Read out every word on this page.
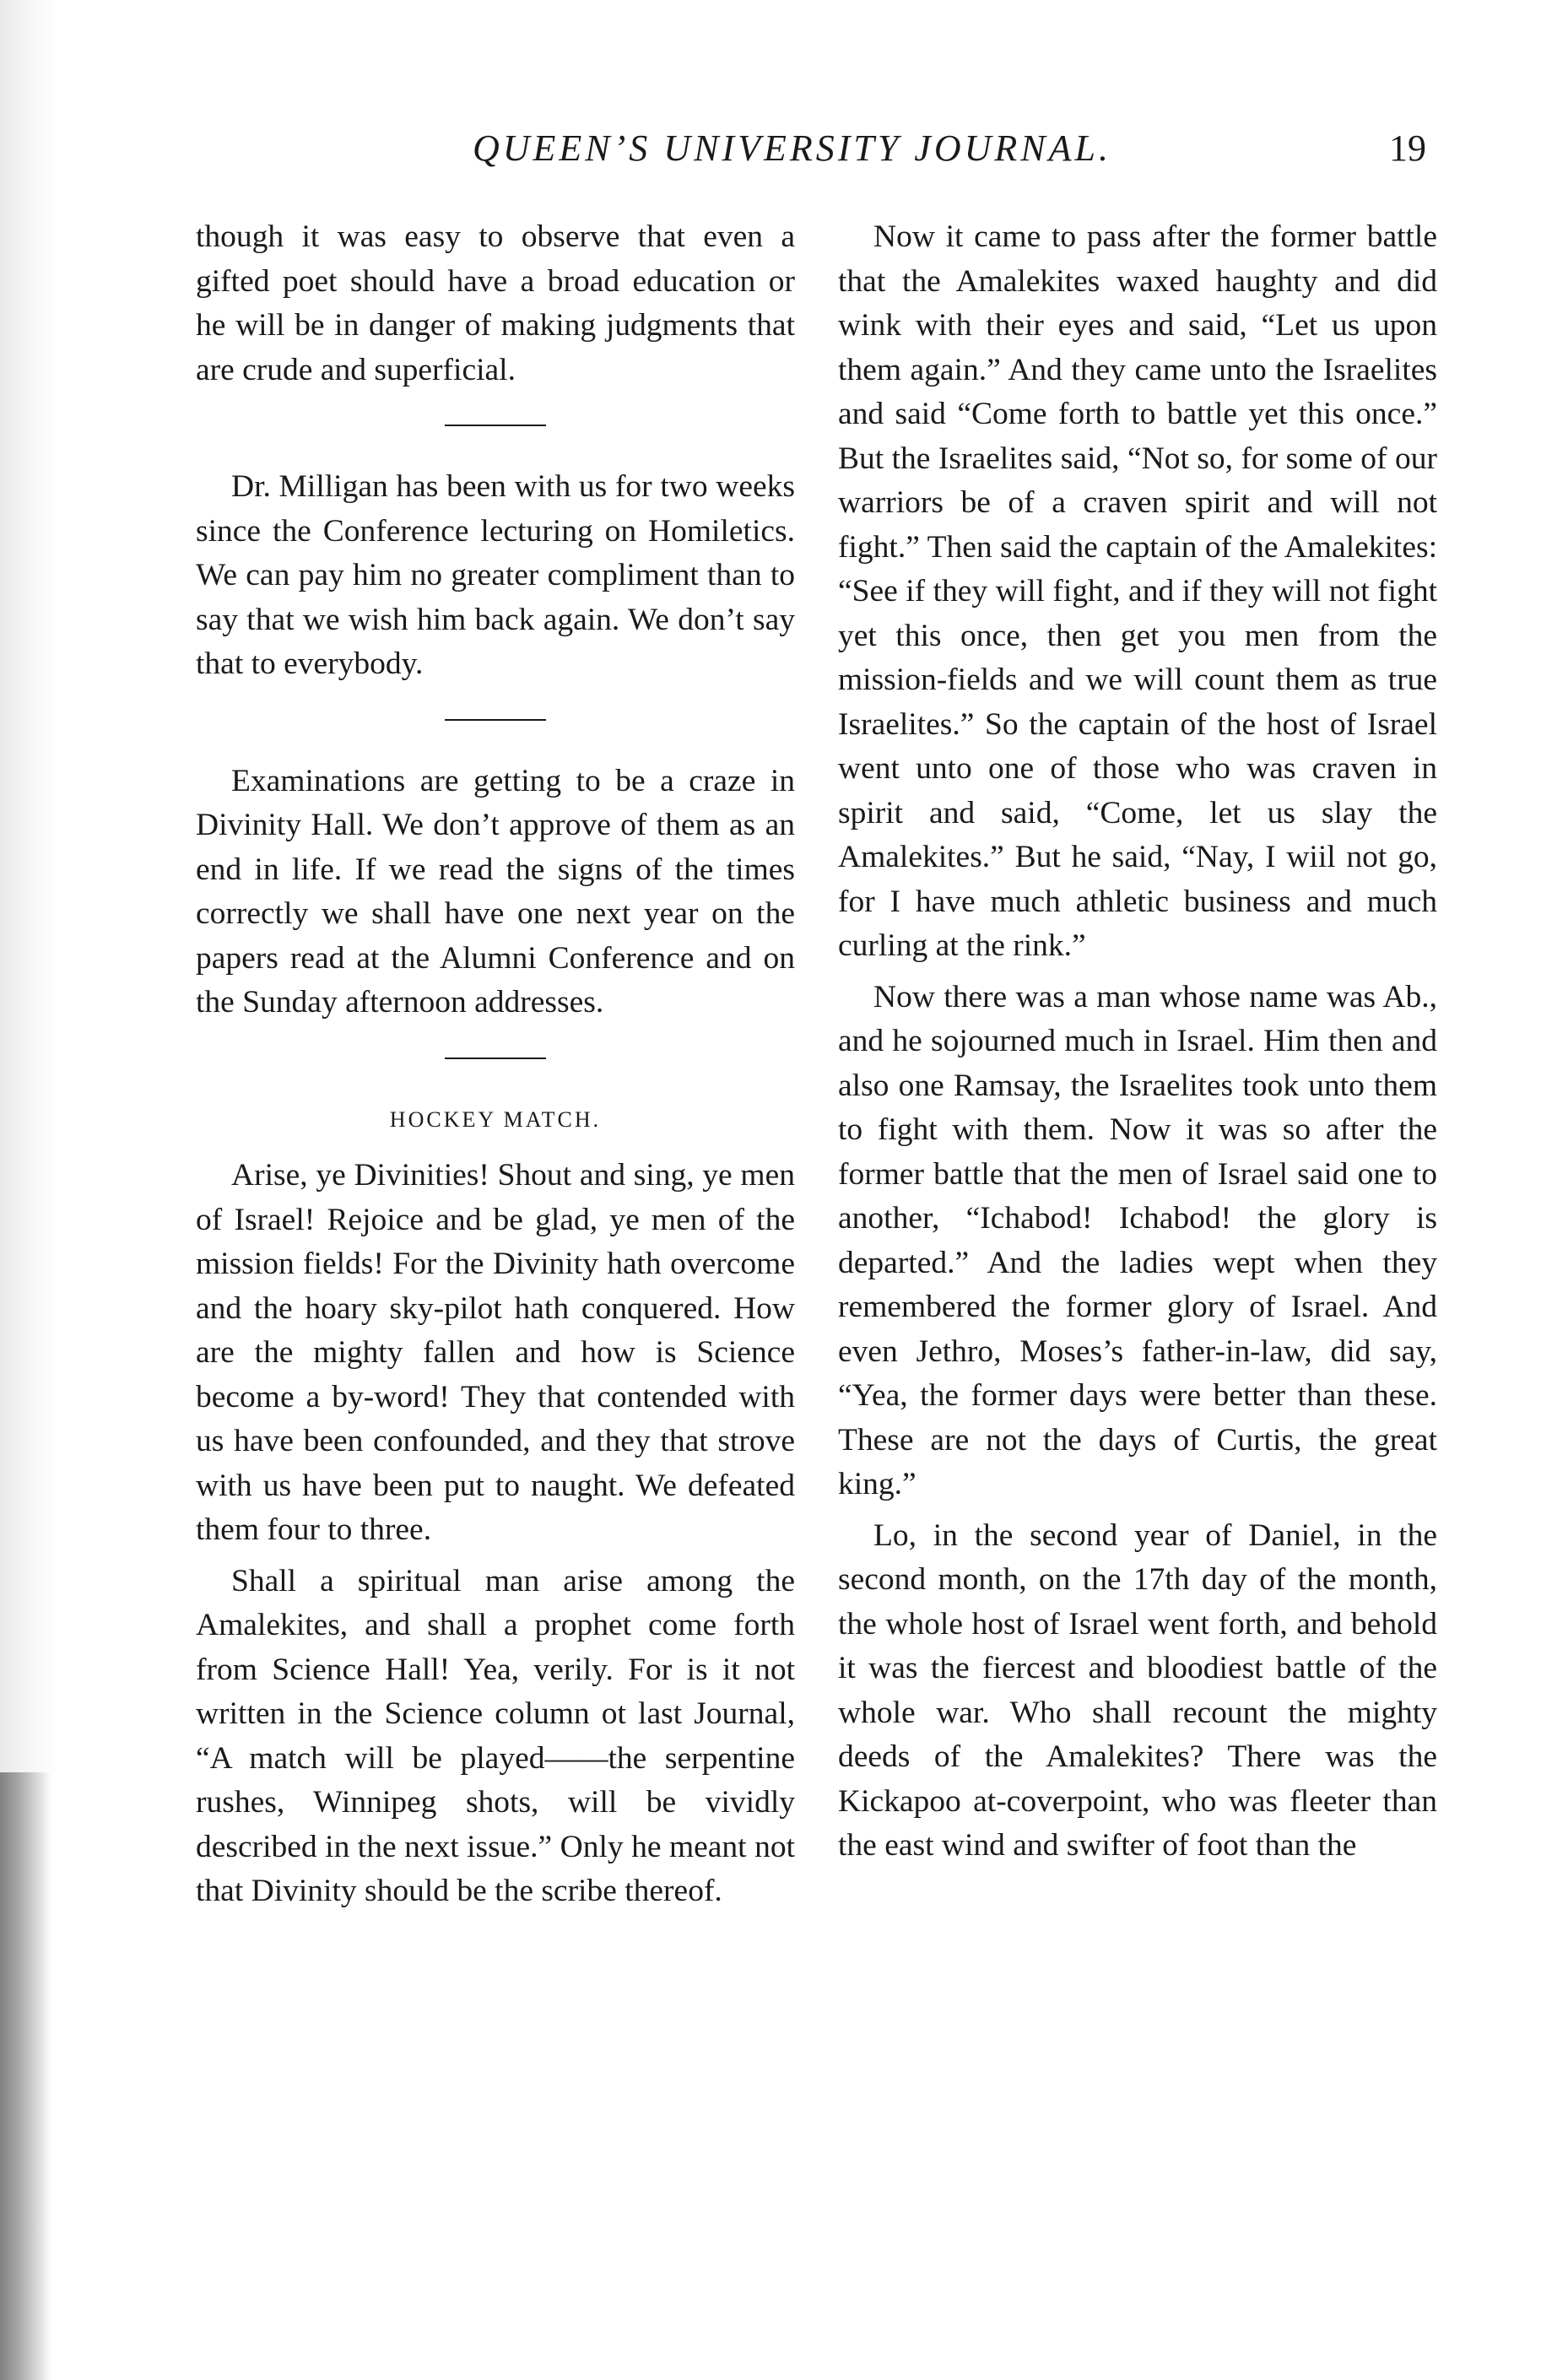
QUEEN’S UNIVERSITY JOURNAL.	19

though it was easy to observe that even a gifted poet should have a broad education or he will be in danger of making judgments that are crude and superficial.

Dr. Milligan has been with us for two weeks since the Conference lecturing on Homiletics. We can pay him no greater compliment than to say that we wish him back again. We don’t say that to everybody.

Examinations are getting to be a craze in Divinity Hall. We don’t approve of them as an end in life. If we read the signs of the times correctly we shall have one next year on the papers read at the Alumni Conference and on the Sunday afternoon addresses.

HOCKEY MATCH.

Arise, ye Divinities! Shout and sing, ye men of Israel! Rejoice and be glad, ye men of the mission fields! For the Divinity hath overcome and the hoary sky-pilot hath conquered. How are the mighty fallen and how is Science become a by-word! They that contended with us have been confounded, and they that strove with us have been put to naught. We defeated them four to three.

Shall a spiritual man arise among the Amalekites, and shall a prophet come forth from Science Hall! Yea, verily. For is it not written in the Science column ot last Journal, “A match will be played——the serpentine rushes, Winnipeg shots, will be vividly described in the next issue.” Only he meant not that Divinity should be the scribe thereof.

Now it came to pass after the former battle that the Amalekites waxed haughty and did wink with their eyes and said, “Let us upon them again.” And they came unto the Israelites and said “Come forth to battle yet this once.” But the Israelites said, “Not so, for some of our warriors be of a craven spirit and will not fight.” Then said the captain of the Amalekites: “See if they will fight, and if they will not fight yet this once, then get you men from the mission-fields and we will count them as true Israelites.” So the captain of the host of Israel went unto one of those who was craven in spirit and said, “Come, let us slay the Amalekites.” But he said, “Nay, I wiil not go, for I have much athletic business and much curling at the rink.”

Now there was a man whose name was Ab., and he sojourned much in Israel. Him then and also one Ramsay, the Israelites took unto them to fight with them. Now it was so after the former battle that the men of Israel said one to another, “Ichabod! Ichabod! the glory is departed.” And the ladies wept when they remembered the former glory of Israel. And even Jethro, Moses’s father-in-law, did say, “Yea, the former days were better than these. These are not the days of Curtis, the great king.”

Lo, in the second year of Daniel, in the second month, on the 17th day of the month, the whole host of Israel went forth, and behold it was the fiercest and bloodiest battle of the whole war. Who shall recount the mighty deeds of the Amalekites? There was the Kickapoo at-coverpoint, who was fleeter than the east wind and swifter of foot than the
